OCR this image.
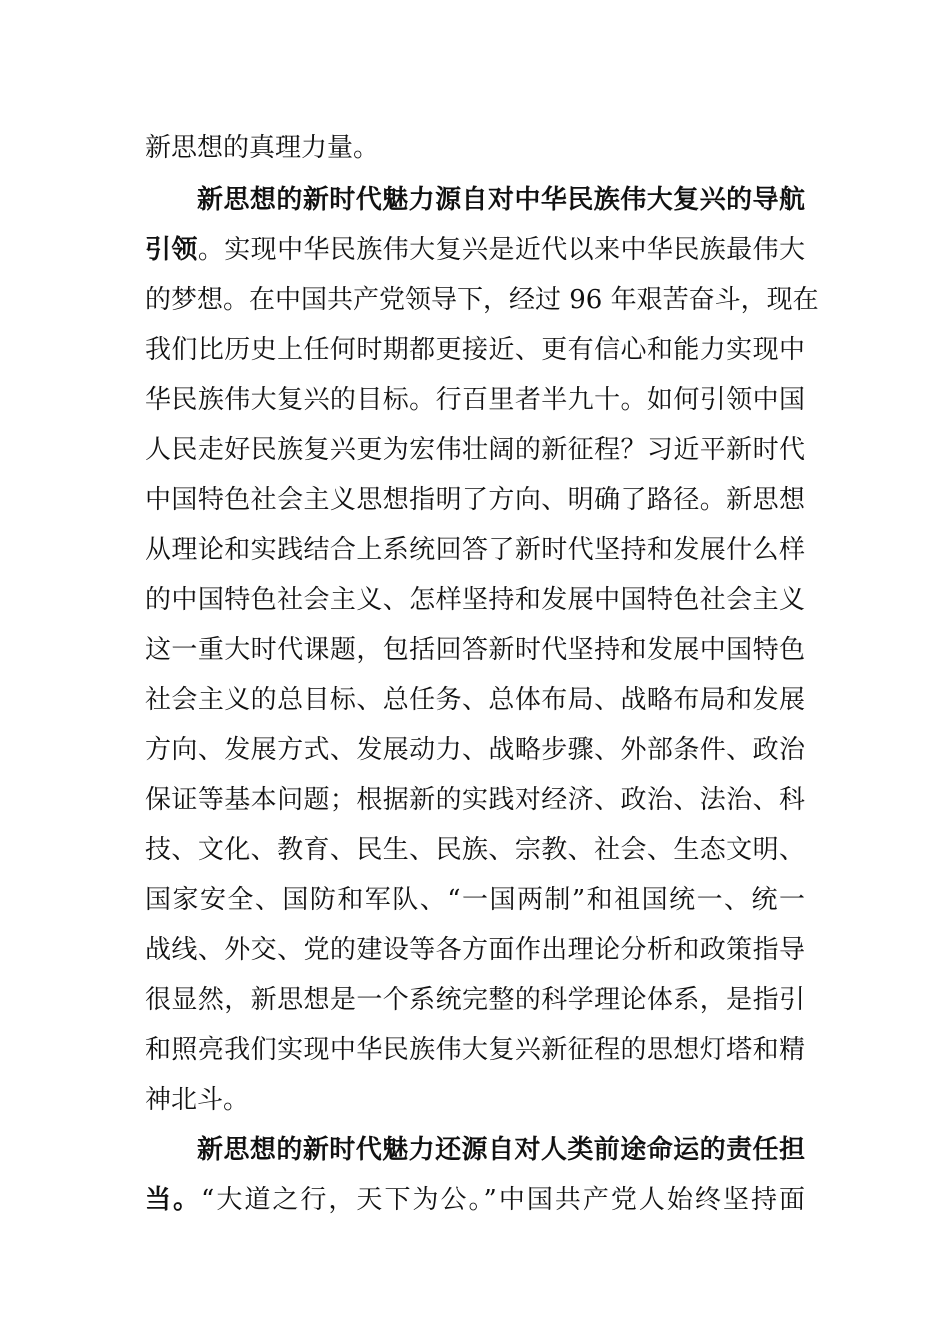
新思想的真理力量。
新思想的新时代魅力源自对中华民族伟大复兴的导航
引领。实现中华民族伟大复兴是近代以来中华民族最伟大
的梦想。在中国共产党领导下，经过 96 年艰苦奋斗，现在
我们比历史上任何时期都更接近、更有信心和能力实现中
华民族伟大复兴的目标。行百里者半九十。如何引领中国
人民走好民族复兴更为宏伟壮阔的新征程？习近平新时代
中国特色社会主义思想指明了方向、明确了路径。新思想
从理论和实践结合上系统回答了新时代坚持和发展什么样
的中国特色社会主义、怎样坚持和发展中国特色社会主义
这一重大时代课题，包括回答新时代坚持和发展中国特色
社会主义的总目标、总任务、总体布局、战略布局和发展
方向、发展方式、发展动力、战略步骤、外部条件、政治
保证等基本问题；根据新的实践对经济、政治、法治、科
技、文化、教育、民生、民族、宗教、社会、生态文明、
国家安全、国防和军队、“一国两制”和祖国统一、统一
战线、外交、党的建设等各方面作出理论分析和政策指导
很显然，新思想是一个系统完整的科学理论体系，是指引
和照亮我们实现中华民族伟大复兴新征程的思想灯塔和精
神北斗。
新思想的新时代魅力还源自对人类前途命运的责任担
当。“大道之行，天下为公。”中国共产党人始终坚持面
